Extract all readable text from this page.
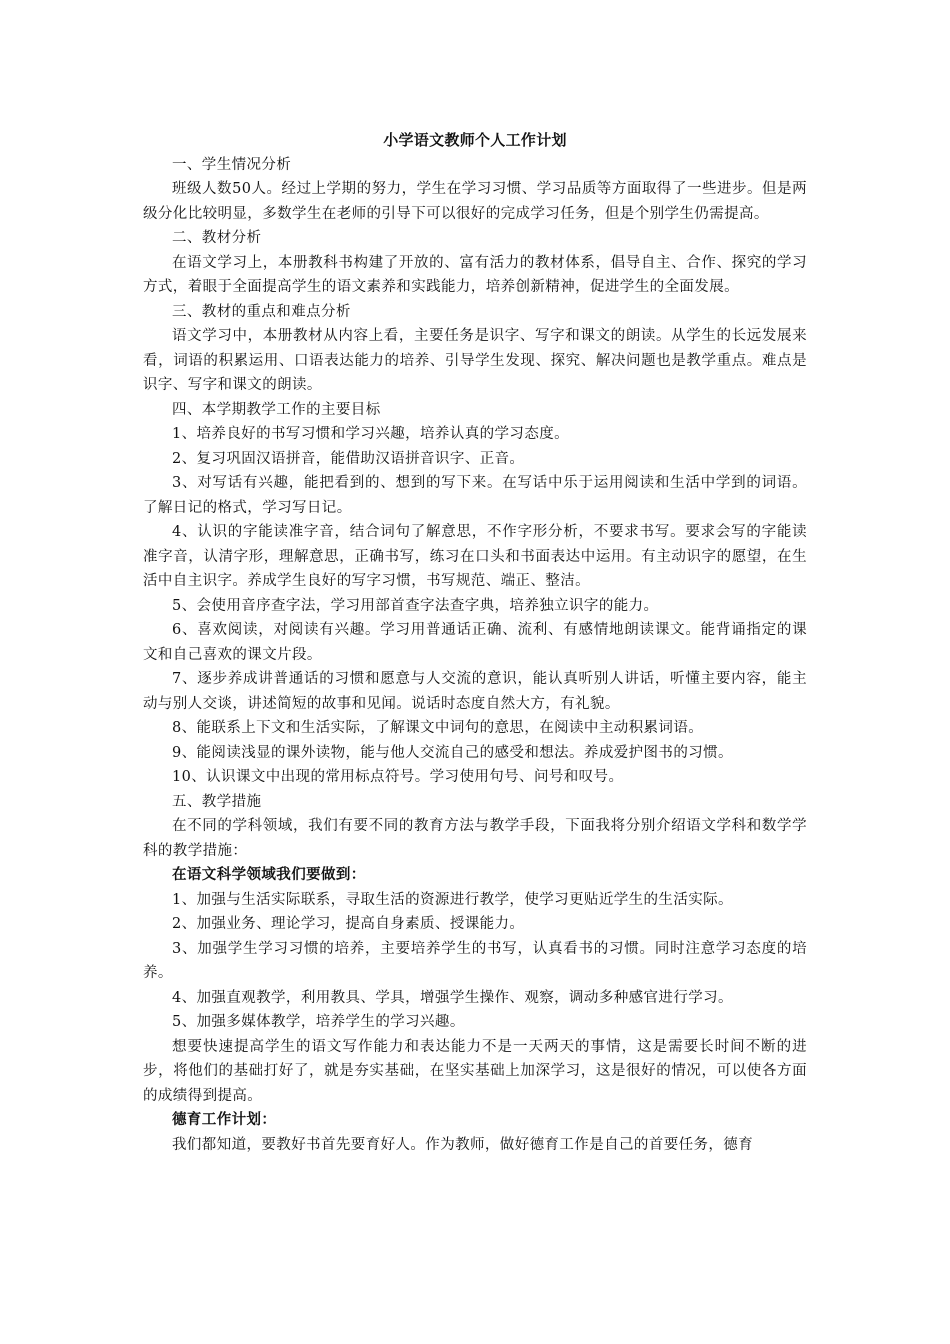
小学语文教师个人工作计划

一、学生情况分析

班级人数50人。经过上学期的努力，学生在学习习惯、学习品质等方面取得了一些进步。但是两级分化比较明显，多数学生在老师的引导下可以很好的完成学习任务，但是个别学生仍需提高。

二、教材分析

在语文学习上，本册教科书构建了开放的、富有活力的教材体系，倡导自主、合作、探究的学习方式，着眼于全面提高学生的语文素养和实践能力，培养创新精神，促进学生的全面发展。

三、教材的重点和难点分析

语文学习中，本册教材从内容上看，主要任务是识字、写字和课文的朗读。从学生的长远发展来看，词语的积累运用、口语表达能力的培养、引导学生发现、探究、解决问题也是教学重点。难点是识字、写字和课文的朗读。

四、本学期教学工作的主要目标

1、培养良好的书写习惯和学习兴趣，培养认真的学习态度。

2、复习巩固汉语拼音，能借助汉语拼音识字、正音。

3、对写话有兴趣，能把看到的、想到的写下来。在写话中乐于运用阅读和生活中学到的词语。了解日记的格式，学习写日记。

4、认识的字能读准字音，结合词句了解意思，不作字形分析，不要求书写。要求会写的字能读准字音，认清字形，理解意思，正确书写，练习在口头和书面表达中运用。有主动识字的愿望，在生活中自主识字。养成学生良好的写字习惯，书写规范、端正、整洁。

5、会使用音序查字法，学习用部首查字法查字典，培养独立识字的能力。

6、喜欢阅读，对阅读有兴趣。学习用普通话正确、流利、有感情地朗读课文。能背诵指定的课文和自己喜欢的课文片段。

7、逐步养成讲普通话的习惯和愿意与人交流的意识，能认真听别人讲话，听懂主要内容，能主动与别人交谈，讲述简短的故事和见闻。说话时态度自然大方，有礼貌。

8、能联系上下文和生活实际，了解课文中词句的意思，在阅读中主动积累词语。

9、能阅读浅显的课外读物，能与他人交流自己的感受和想法。养成爱护图书的习惯。

10、认识课文中出现的常用标点符号。学习使用句号、问号和叹号。

五、教学措施

在不同的学科领域，我们有要不同的教育方法与教学手段，下面我将分别介绍语文学科和数学学科的教学措施：

在语文科学领域我们要做到：

1、加强与生活实际联系，寻取生活的资源进行教学，使学习更贴近学生的生活实际。

2、加强业务、理论学习，提高自身素质、授课能力。

3、加强学生学习习惯的培养，主要培养学生的书写，认真看书的习惯。同时注意学习态度的培养。

4、加强直观教学，利用教具、学具，增强学生操作、观察，调动多种感官进行学习。

5、加强多媒体教学，培养学生的学习兴趣。

想要快速提高学生的语文写作能力和表达能力不是一天两天的事情，这是需要长时间不断的进步，将他们的基础打好了，就是夯实基础，在坚实基础上加深学习，这是很好的情况，可以使各方面的成绩得到提高。

德育工作计划：

我们都知道，要教好书首先要育好人。作为教师，做好德育工作是自己的首要任务，德育
